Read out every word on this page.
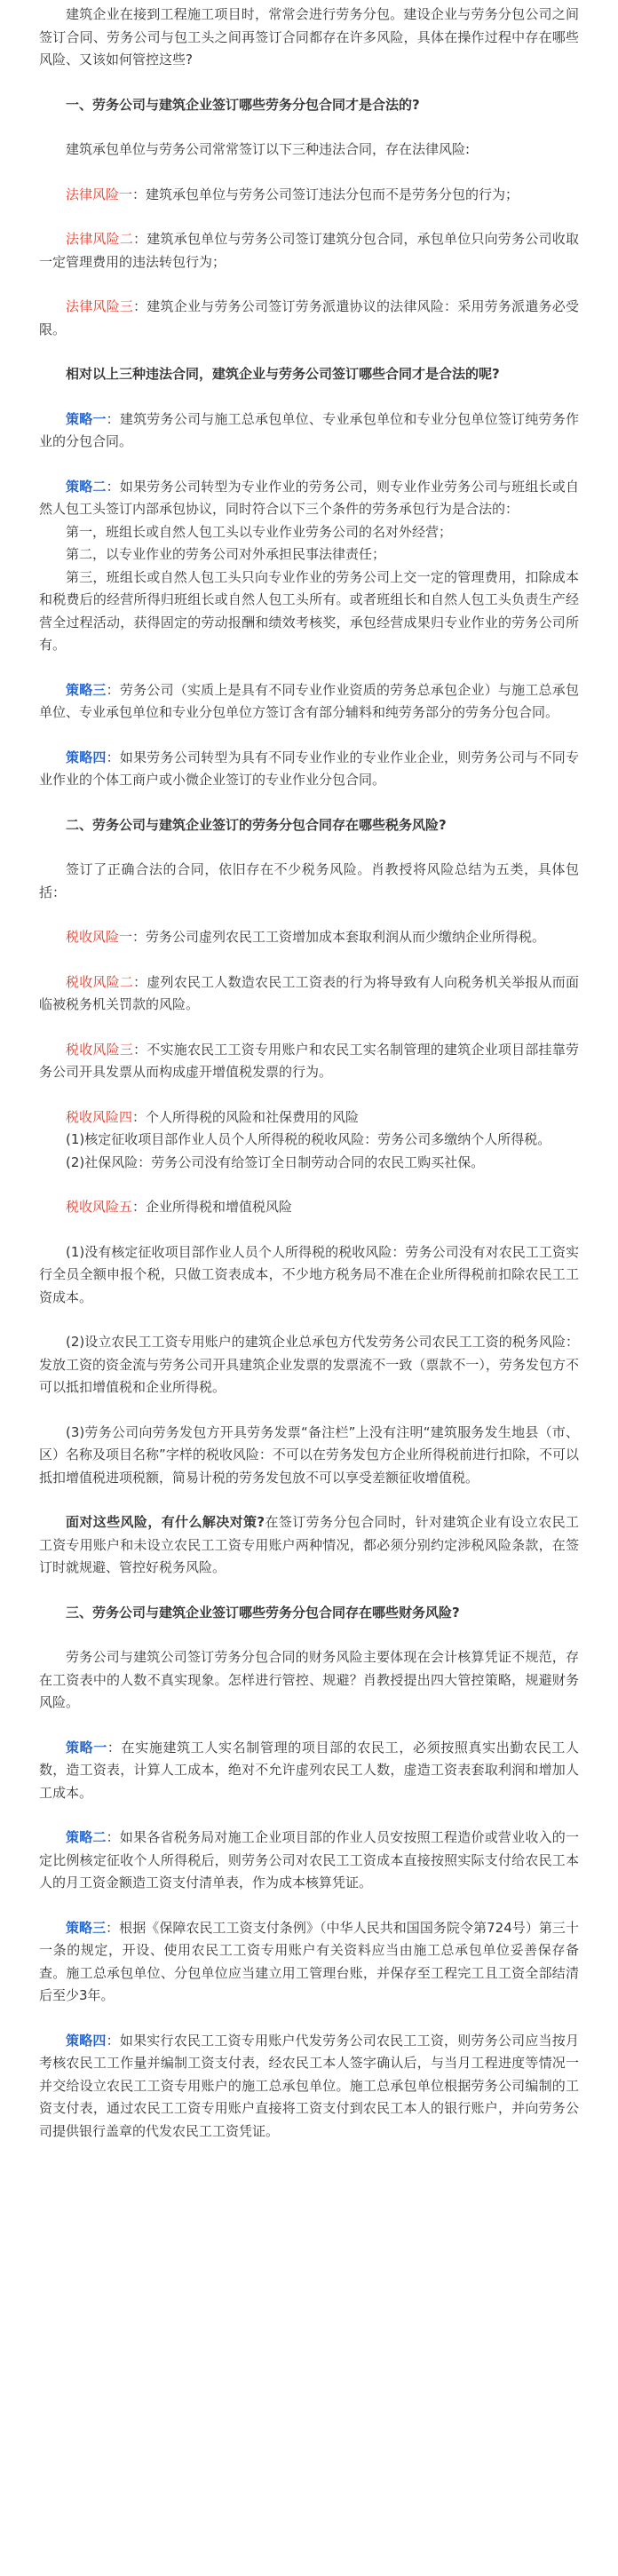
建筑企业在接到工程施工项目时，常常会进行劳务分包。建设企业与劳务分包公司之间签订合同、劳务公司与包工头之间再签订合同都存在许多风险，具体在操作过程中存在哪些风险、又该如何管控这些?

一、劳务公司与建筑企业签订哪些劳务分包合同才是合法的?

建筑承包单位与劳务公司常常签订以下三种违法合同，存在法律风险:

法律风险一：建筑承包单位与劳务公司签订违法分包而不是劳务分包的行为；

法律风险二：建筑承包单位与劳务公司签订建筑分包合同，承包单位只向劳务公司收取一定管理费用的违法转包行为；

法律风险三：建筑企业与劳务公司签订劳务派遣协议的法律风险：采用劳务派遣务必受限。

相对以上三种违法合同，建筑企业与劳务公司签订哪些合同才是合法的呢?

策略一：建筑劳务公司与施工总承包单位、专业承包单位和专业分包单位签订纯劳务作业的分包合同。

策略二：如果劳务公司转型为专业作业的劳务公司，则专业作业劳务公司与班组长或自然人包工头签订内部承包协议，同时符合以下三个条件的劳务承包行为是合法的：

第一，班组长或自然人包工头以专业作业劳务公司的名对外经营；

第二，以专业作业的劳务公司对外承担民事法律责任；

第三，班组长或自然人包工头只向专业作业的劳务公司上交一定的管理费用，扣除成本和税费后的经营所得归班组长或自然人包工头所有。或者班组长和自然人包工头负责生产经营全过程活动，获得固定的劳动报酬和绩效考核奖，承包经营成果归专业作业的劳务公司所有。

策略三：劳务公司（实质上是具有不同专业作业资质的劳务总承包企业）与施工总承包单位、专业承包单位和专业分包单位方签订含有部分辅料和纯劳务部分的劳务分包合同。

策略四：如果劳务公司转型为具有不同专业作业的专业作业企业，则劳务公司与不同专业作业的个体工商户或小微企业签订的专业作业分包合同。

二、劳务公司与建筑企业签订的劳务分包合同存在哪些税务风险?

签订了正确合法的合同，依旧存在不少税务风险。肖教授将风险总结为五类，具体包括：

税收风险一：劳务公司虚列农民工工资增加成本套取利润从而少缴纳企业所得税。

税收风险二：虚列农民工人数造农民工工资表的行为将导致有人向税务机关举报从而面临被税务机关罚款的风险。

税收风险三：不实施农民工工资专用账户和农民工实名制管理的建筑企业项目部挂靠劳务公司开具发票从而构成虚开增值税发票的行为。

税收风险四：个人所得税的风险和社保费用的风险

(1)核定征收项目部作业人员个人所得税的税收风险：劳务公司多缴纳个人所得税。

(2)社保风险：劳务公司没有给签订全日制劳动合同的农民工购买社保。

税收风险五：企业所得税和增值税风险

(1)没有核定征收项目部作业人员个人所得税的税收风险：劳务公司没有对农民工工资实行全员全额申报个税，只做工资表成本，不少地方税务局不准在企业所得税前扣除农民工工资成本。

(2)设立农民工工资专用账户的建筑企业总承包方代发劳务公司农民工工资的税务风险：发放工资的资金流与劳务公司开具建筑企业发票的发票流不一致（票款不一），劳务发包方不可以抵扣增值税和企业所得税。

(3)劳务公司向劳务发包方开具劳务发票“备注栏”上没有注明“建筑服务发生地县（市、区）名称及项目名称”字样的税收风险：不可以在劳务发包方企业所得税前进行扣除，不可以抵扣增值税进项税额，简易计税的劳务发包放不可以享受差额征收增值税。

面对这些风险，有什么解决对策?在签订劳务分包合同时，针对建筑企业有设立农民工工资专用账户和未设立农民工工资专用账户两种情况，都必须分别约定涉税风险条款，在签订时就规避、管控好税务风险。

三、劳务公司与建筑企业签订哪些劳务分包合同存在哪些财务风险?

劳务公司与建筑公司签订劳务分包合同的财务风险主要体现在会计核算凭证不规范，存在工资表中的人数不真实现象。怎样进行管控、规避？肖教授提出四大管控策略，规避财务风险。

策略一：在实施建筑工人实名制管理的项目部的农民工，必须按照真实出勤农民工人数，造工资表，计算人工成本，绝对不允许虚列农民工人数，虚造工资表套取利润和增加人工成本。

策略二：如果各省税务局对施工企业项目部的作业人员安按照工程造价或营业收入的一定比例核定征收个人所得税后，则劳务公司对农民工工资成本直接按照实际支付给农民工本人的月工资金额造工资支付清单表，作为成本核算凭证。

策略三：根据《保障农民工工资支付条例》（中华人民共和国国务院令第724号）第三十一条的规定，开设、使用农民工工资专用账户有关资料应当由施工总承包单位妥善保存备查。施工总承包单位、分包单位应当建立用工管理台账，并保存至工程完工且工资全部结清后至少3年。

策略四：如果实行农民工工资专用账户代发劳务公司农民工工资，则劳务公司应当按月考核农民工工作量并编制工资支付表，经农民工本人签字确认后，与当月工程进度等情况一并交给设立农民工工资专用账户的施工总承包单位。施工总承包单位根据劳务公司编制的工资支付表，通过农民工工资专用账户直接将工资支付到农民工本人的银行账户，并向劳务公司提供银行盖章的代发农民工工资凭证。
